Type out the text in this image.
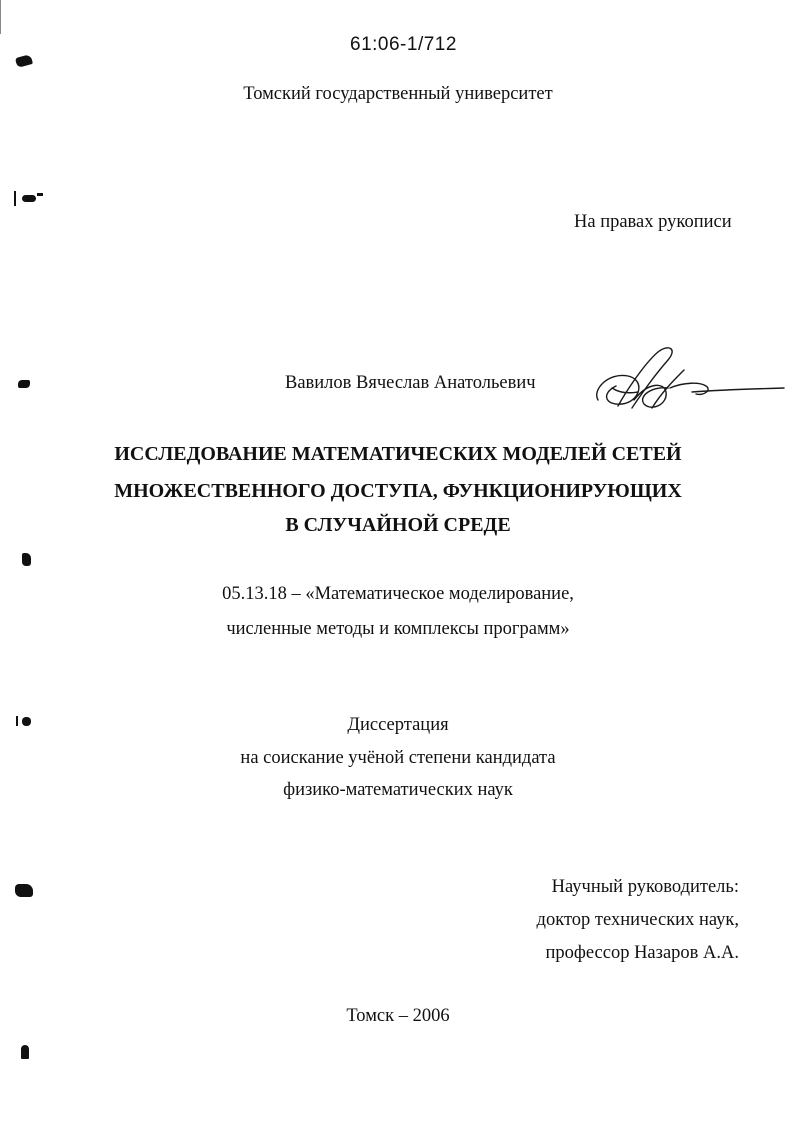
61:06-1/712
Томский государственный университет
На правах рукописи
Вавилов Вячеслав Анатольевич
ИССЛЕДОВАНИЕ МАТЕМАТИЧЕСКИХ МОДЕЛЕЙ СЕТЕЙ
МНОЖЕСТВЕННОГО ДОСТУПА, ФУНКЦИОНИРУЮЩИХ
В СЛУЧАЙНОЙ СРЕДЕ
05.13.18 – «Математическое моделирование,
численные методы и комплексы программ»
Диссертация
на соискание учёной степени кандидата
физико-математических наук
Научный руководитель:
доктор технических наук,
профессор Назаров А.А.
Томск – 2006
